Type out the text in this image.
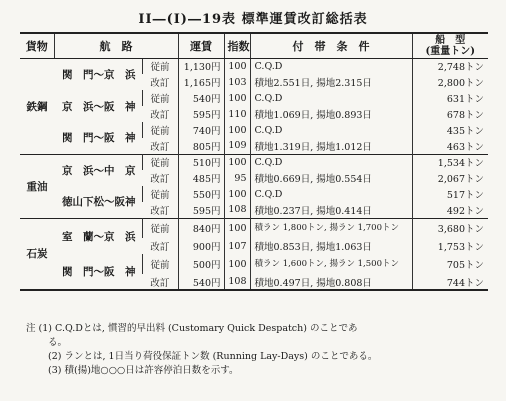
II―(I)―19表 標準運賃改訂総括表
貨物	航　路		運賃	指数	付　帯　条　件	船　型
(重量トン)

鉄鋼	関　門〜京　浜	従前	1,130円	100	C.Q.D	2,748トン
		改訂	1,165円	103	積地2.551日, 揚地2.315日	2,800トン
	京　浜〜阪　神	従前	540円	100	C.Q.D	631トン
		改訂	595円	110	積地1.069日, 揚地0.893日	678トン
	関　門〜阪　神	従前	740円	100	C.Q.D	435トン
		改訂	805円	109	積地1.319日, 揚地1.012日	463トン
重油	京　浜〜中　京	従前	510円	100	C.Q.D	1,534トン
		改訂	485円	95	積地0.669日, 揚地0.554日	2,067トン
	徳山下松〜阪神	従前	550円	100	C.Q.D	517トン
		改訂	595円	108	積地0.237日, 揚地0.414日	492トン
石炭	室　蘭〜京　浜	従前	840円	100	積ラン 1,800トン, 揚ラン 1,700トン	3,680トン
		改訂	900円	107	積地0.853日, 揚地1.063日	1,753トン
	関　門〜阪　神	従前	500円	100	積ラン 1,600トン, 揚ラン 1,500トン	705トン
		改訂	540円	108	積地0.497日, 揚地0.808日	744トン
注 (1) C.Q.Dとは, 慣習的早出料 (Customary Quick Despatch) のことであ
る。
(2) ランとは, 1日当り荷役保証トン数 (Running Lay-Days) のことである。
(3) 積(揚)地○○○日は許容停泊日数を示す。
